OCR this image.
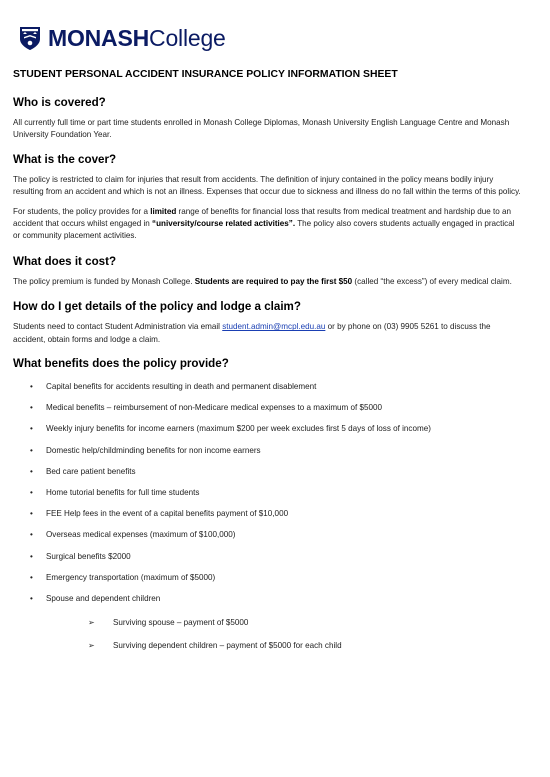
MONASHCollege
STUDENT PERSONAL ACCIDENT INSURANCE POLICY INFORMATION SHEET
Who is covered?

All currently full time or part time students enrolled in Monash College Diplomas, Monash University English Language Centre and Monash University Foundation Year.

What is the cover?

The policy is restricted to claim for injuries that result from accidents. The definition of injury contained in the policy means bodily injury resulting from an accident and which is not an illness. Expenses that occur due to sickness and illness do no fall within the terms of this policy.

For students, the policy provides for a limited range of benefits for financial loss that results from medical treatment and hardship due to an accident that occurs whilst engaged in “university/course related activities”. The policy also covers students actually engaged in practical or community placement activities.

What does it cost?

The policy premium is funded by Monash College. Students are required to pay the first $50 (called “the excess”) of every medical claim.

How do I get details of the policy and lodge a claim?

Students need to contact Student Administration via email student.admin@mcpl.edu.au or by phone on (03) 9905 5261 to discuss the accident, obtain forms and lodge a claim.

What benefits does the policy provide?
• Capital benefits for accidents resulting in death and permanent disablement
• Medical benefits – reimbursement of non-Medicare medical expenses to a maximum of $5000
• Weekly injury benefits for income earners (maximum $200 per week excludes first 5 days of loss of income)
• Domestic help/childminding benefits for non income earners
• Bed care patient benefits
• Home tutorial benefits for full time students
• FEE Help fees in the event of a capital benefits payment of $10,000
• Overseas medical expenses (maximum of $100,000)
• Surgical benefits $2000
• Emergency transportation (maximum of $5000)
• Spouse and dependent children
➢ Surviving spouse – payment of $5000
➢ Surviving dependent children – payment of $5000 for each child
